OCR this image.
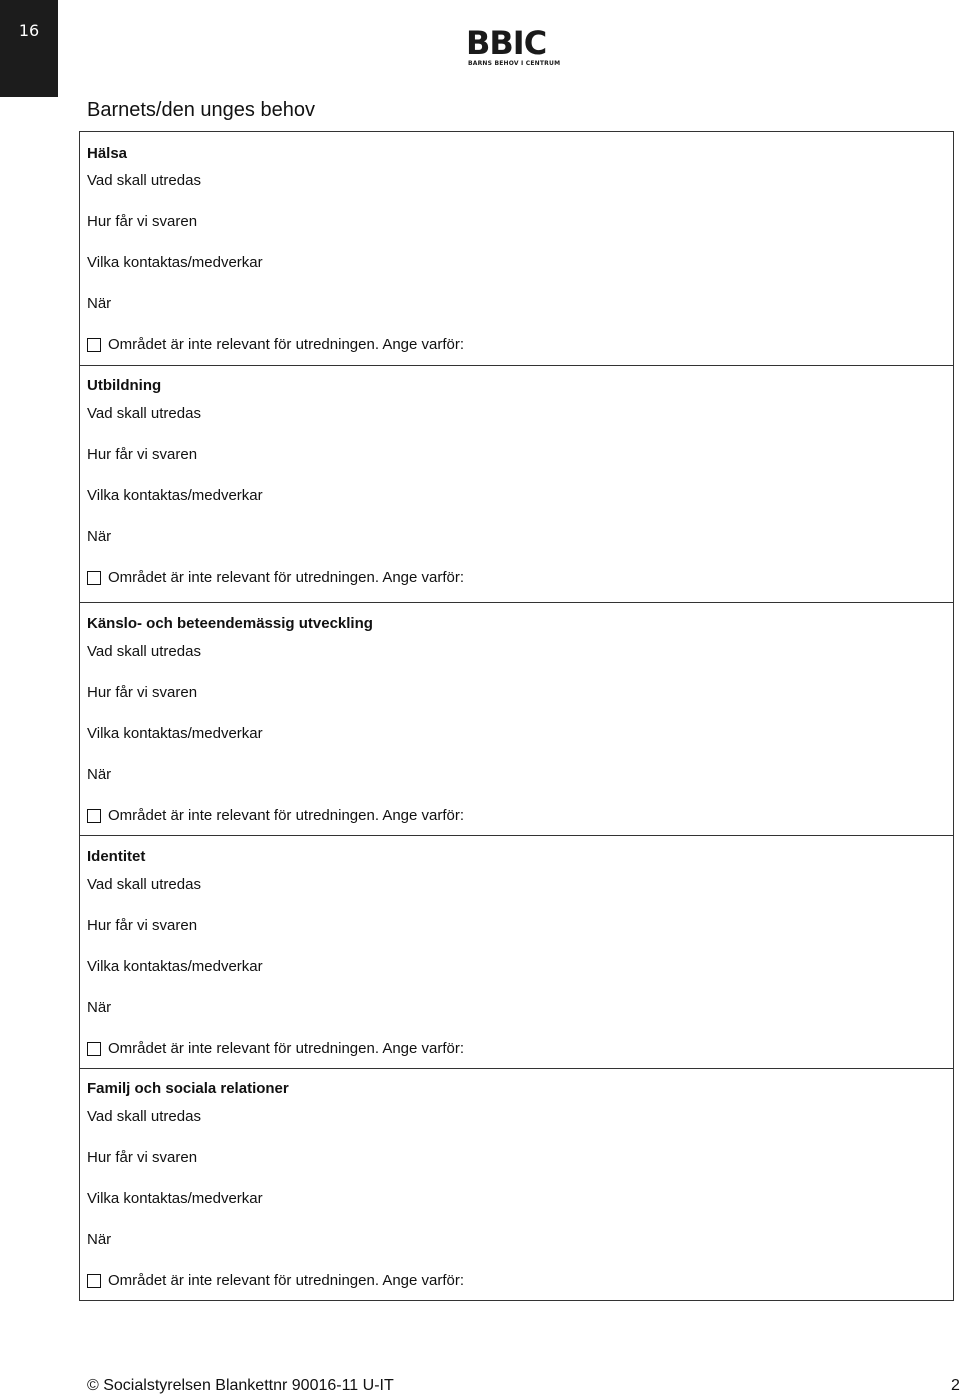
16	BBIC
BARNS BEHOV I CENTRUM
Barnets/den unges behov
Hälsa
Vad skall utredas
Hur får vi svaren
Vilka kontaktas/medverkar
När
Området är inte relevant för utredningen. Ange varför:
Utbildning
Vad skall utredas
Hur får vi svaren
Vilka kontaktas/medverkar
När
Området är inte relevant för utredningen. Ange varför:
Känslo- och beteendemässig utveckling
Vad skall utredas
Hur får vi svaren
Vilka kontaktas/medverkar
När
Området är inte relevant för utredningen. Ange varför:
Identitet
Vad skall utredas
Hur får vi svaren
Vilka kontaktas/medverkar
När
Området är inte relevant för utredningen. Ange varför:
Familj och sociala relationer
Vad skall utredas
Hur får vi svaren
Vilka kontaktas/medverkar
När
Området är inte relevant för utredningen. Ange varför:
© Socialstyrelsen Blankettnr 90016-11 U-IT	2
